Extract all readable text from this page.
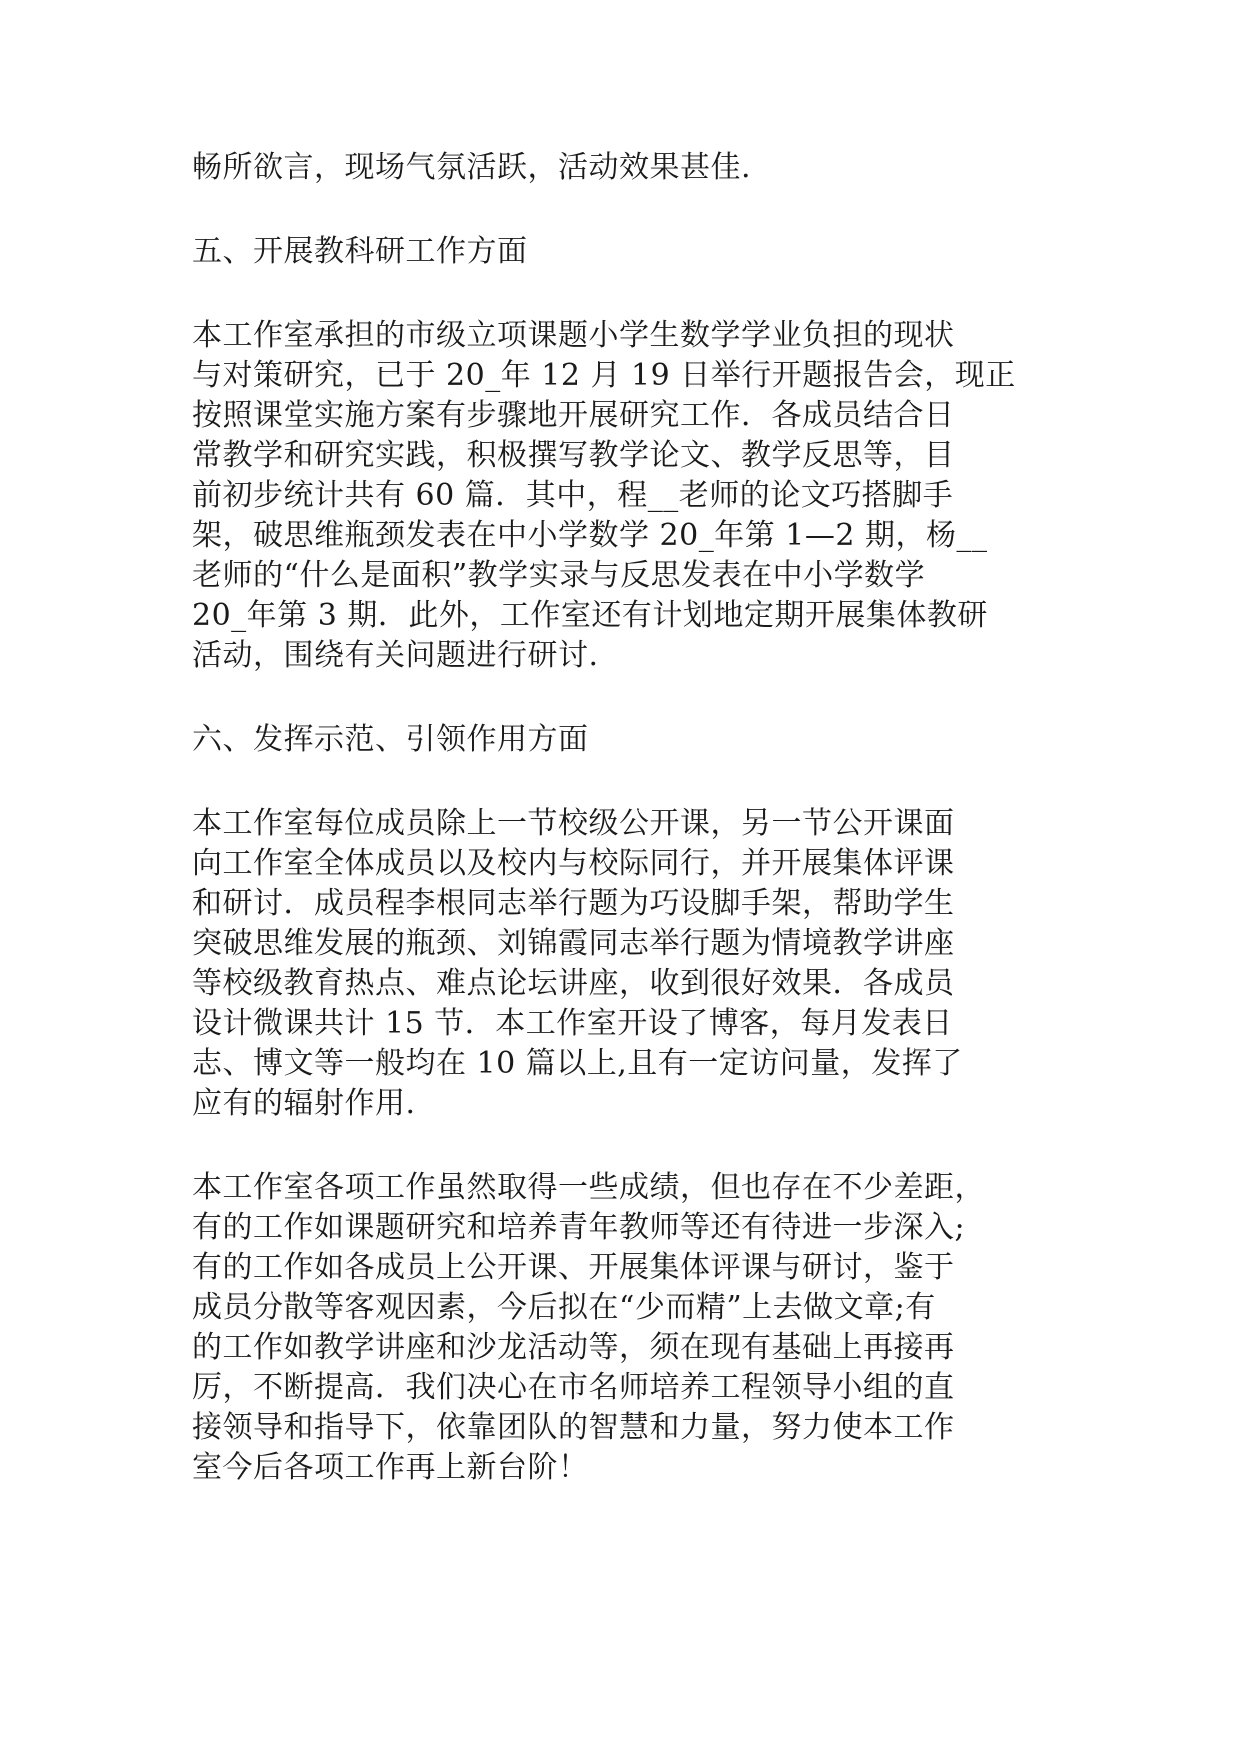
畅所欲言，现场气氛活跃，活动效果甚佳.
五、开展教科研工作方面
本工作室承担的市级立项课题小学生数学学业负担的现状
与对策研究，已于 20_年 12 月 19 日举行开题报告会，现正
按照课堂实施方案有步骤地开展研究工作．各成员结合日
常教学和研究实践，积极撰写教学论文、教学反思等，目
前初步统计共有 60 篇．其中，程__老师的论文巧搭脚手
架，破思维瓶颈发表在中小学数学 20_年第 1—2 期，杨__
老师的“什么是面积”教学实录与反思发表在中小学数学
20_年第 3 期．此外，工作室还有计划地定期开展集体教研
活动，围绕有关问题进行研讨.
六、发挥示范、引领作用方面
本工作室每位成员除上一节校级公开课，另一节公开课面
向工作室全体成员以及校内与校际同行，并开展集体评课
和研讨．成员程李根同志举行题为巧设脚手架，帮助学生
突破思维发展的瓶颈、刘锦霞同志举行题为情境教学讲座
等校级教育热点、难点论坛讲座，收到很好效果．各成员
设计微课共计 15 节．本工作室开设了博客，每月发表日
志、博文等一般均在 10 篇以上,且有一定访问量，发挥了
应有的辐射作用.
本工作室各项工作虽然取得一些成绩，但也存在不少差距，
有的工作如课题研究和培养青年教师等还有待进一步深入;
有的工作如各成员上公开课、开展集体评课与研讨，鉴于
成员分散等客观因素，今后拟在“少而精”上去做文章;有
的工作如教学讲座和沙龙活动等，须在现有基础上再接再
厉，不断提高．我们决心在市名师培养工程领导小组的直
接领导和指导下，依靠团队的智慧和力量，努力使本工作
室今后各项工作再上新台阶！
